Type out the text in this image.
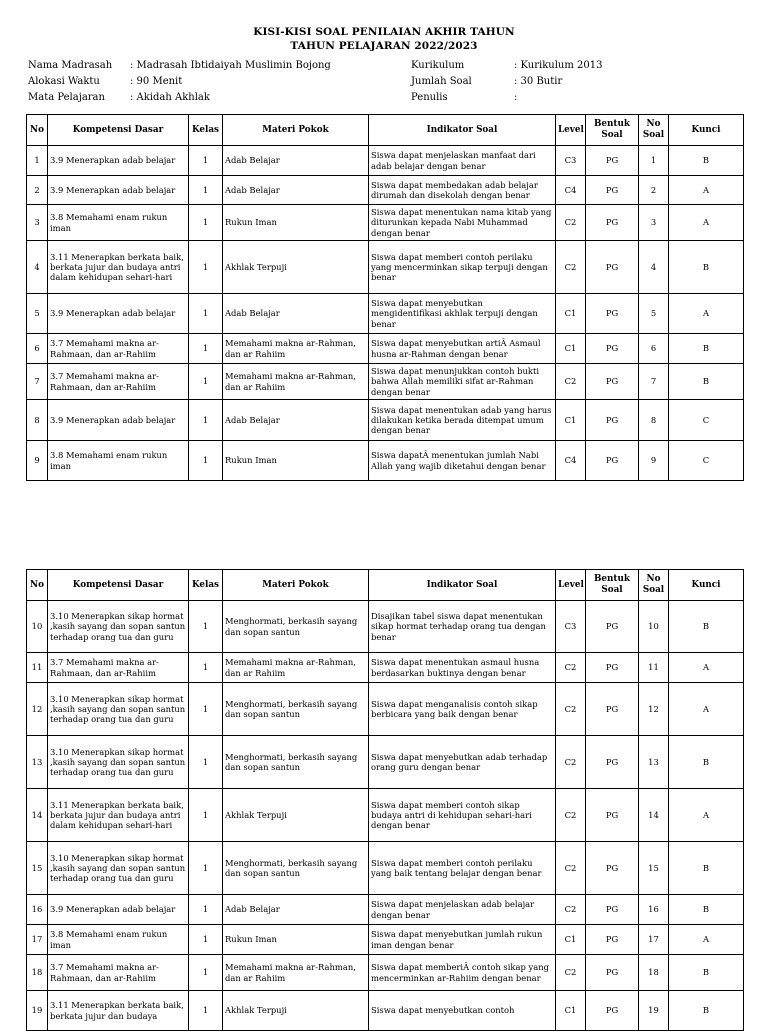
KISI-KISI SOAL PENILAIAN AKHIR TAHUN
TAHUN PELAJARAN 2022/2023
Nama Madrasah : Madrasah Ibtidaiyah Muslimin Bojong
Alokasi Waktu	: 90 Menit
Mata Pelajaran	: Akidah Akhlak
Kurikulum	: Kurikulum 2013
Jumlah Soal	: 30 Butir
Penulis	:
No	Kompetensi Dasar	Kelas	Materi Pokok	Indikator Soal	Level	Bentuk Soal	No Soal	Kunci
1	3.9 Menerapkan adab belajar	1	Adab Belajar	Siswa dapat menjelaskan manfaat dari adab belajar dengan benar	C3	PG	1	B
2	3.9 Menerapkan adab belajar	1	Adab Belajar	Siswa dapat membedakan adab belajar dirumah dan disekolah dengan benar	C4	PG	2	A
3	3.8 Memahami enam rukun iman	1	Rukun Iman	Siswa dapat menentukan nama kitab yang diturunkan kepada Nabi Muhammad dengan benar	C2	PG	3	A
4	3.11 Menerapkan berkata baik, berkata jujur dan budaya antri dalam kehidupan sehari-hari	1	Akhlak Terpuji	Siswa dapat memberi contoh perilaku yang mencerminkan sikap terpuji dengan benar	C2	PG	4	B
5	3.9 Menerapkan adab belajar	1	Adab Belajar	Siswa dapat menyebutkan mengidentifikasi akhlak terpuji dengan benar	C1	PG	5	A
6	3.7 Memahami makna ar-Rahmaan, dan ar-Rahiim	1	Memahami makna ar-Rahman, dan ar Rahiim	Siswa dapat menyebutkan artiÂ Asmaul husna ar-Rahman dengan benar	C1	PG	6	B
7	3.7 Memahami makna ar-Rahmaan, dan ar-Rahiim	1	Memahami makna ar-Rahman, dan ar Rahiim	Siswa dapat menunjukkan contoh bukti bahwa Allah memiliki sifat ar-Rahman dengan benar	C2	PG	7	B
8	3.9 Menerapkan adab belajar	1	Adab Belajar	Siswa dapat menentukan adab yang harus dilakukan ketika berada ditempat umum dengan benar	C1	PG	8	C
9	3.8 Memahami enam rukun iman	1	Rukun Iman	Siswa dapatÂ menentukan jumlah Nabi Allah yang wajib diketahui dengan benar	C4	PG	9	C
No	Kompetensi Dasar	Kelas	Materi Pokok	Indikator Soal	Level	Bentuk Soal	No Soal	Kunci
10	3.10 Menerapkan sikap hormat ,kasih sayang dan sopan santun terhadap orang tua dan guru	1	Menghormati, berkasih sayang dan sopan santun	Disajikan tabel siswa dapat menentukan sikap hormat terhadap orang tua dengan benar	C3	PG	10	B
11	3.7 Memahami makna ar-Rahmaan, dan ar-Rahiim	1	Memahami makna ar-Rahman, dan ar Rahiim	Siswa dapat menentukan asmaul husna berdasarkan buktinya dengan benar	C2	PG	11	A
12	3.10 Menerapkan sikap hormat ,kasih sayang dan sopan santun terhadap orang tua dan guru	1	Menghormati, berkasih sayang dan sopan santun	Siswa dapat menganalisis contoh sikap berbicara yang baik dengan benar	C2	PG	12	A
13	3.10 Menerapkan sikap hormat ,kasih sayang dan sopan santun terhadap orang tua dan guru	1	Menghormati, berkasih sayang dan sopan santun	Siswa dapat menyebutkan adab terhadap orang guru dengan benar	C2	PG	13	B
14	3.11 Menerapkan berkata baik, berkata jujur dan budaya antri dalam kehidupan sehari-hari	1	Akhlak Terpuji	Siswa dapat memberi contoh sikap budaya antri di kehidupan sehari-hari dengan benar	C2	PG	14	A
15	3.10 Menerapkan sikap hormat ,kasih sayang dan sopan santun terhadap orang tua dan guru	1	Menghormati, berkasih sayang dan sopan santun	Siswa dapat memberi contoh perilaku yang baik tentang belajar dengan benar	C2	PG	15	B
16	3.9 Menerapkan adab belajar	1	Adab Belajar	Siswa dapat menjelaskan adab belajar dengan benar	C2	PG	16	B
17	3.8 Memahami enam rukun iman	1	Rukun Iman	Siswa dapat menyebutkan jumlah rukun iman dengan benar	C1	PG	17	A
18	3.7 Memahami makna ar-Rahmaan, dan ar-Rahiim	1	Memahami makna ar-Rahman, dan ar Rahiim	Siswa dapat memberiÂ contoh sikap yang mencerminkan ar-Rahiim dengan benar	C2	PG	18	B
19	3.11 Menerapkan berkata baik, berkata jujur dan budaya	1	Akhlak Terpuji	Siswa dapat menyebutkan contoh	C1	PG	19	B
